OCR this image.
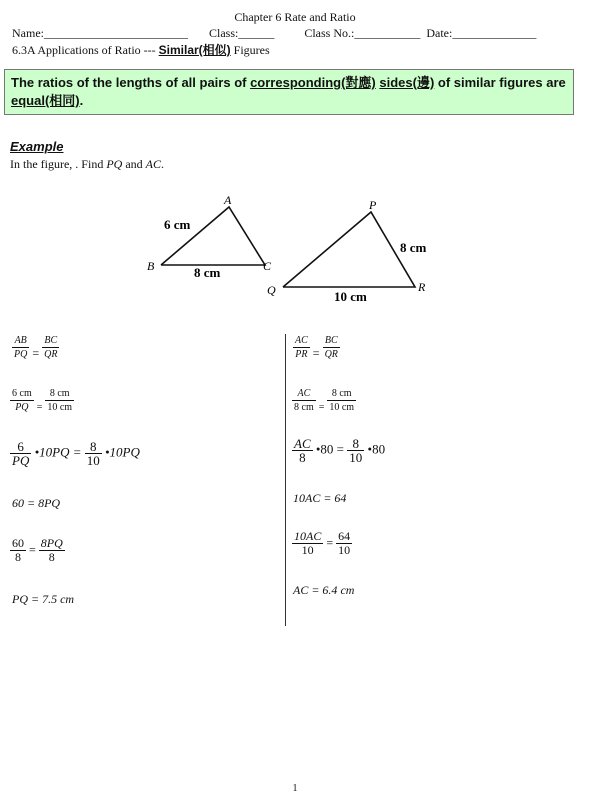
Chapter 6 Rate and Ratio
Name:________________________       Class:______          Class No.:___________  Date:______________
6.3A Applications of Ratio --- Similar(相似) Figures
The ratios of the lengths of all pairs of corresponding(對應) sides(邊) of similar figures are equal(相同).
Example
In the figure, . Find PQ and AC.
A
B	C
6 cm
8 cm
P
Q	R
8 cm
10 cm
$\frac{AB}{PQ} = \frac{BC}{QR}$
$\frac{6 cm}{PQ} _= \frac{8 cm}{10 cm}$
$\frac{6}{PQ}$ •10PQ = $\frac{8}{10}$ •10PQ
60 = 8PQ
$\frac{60}{8} = \frac{8PQ}{8}$
PQ = 7.5 cm
$\frac{AC}{PR} = \frac{BC}{QR}$
$\frac{AC}{8 cm} _= \frac{8 cm}{10 cm}$
$\frac{AC}{8}$ •80 = $\frac{8}{10}$ •80
10AC = 64
$\frac{10AC}{10} = \frac{64}{10}$
AC = 6.4 cm
1
